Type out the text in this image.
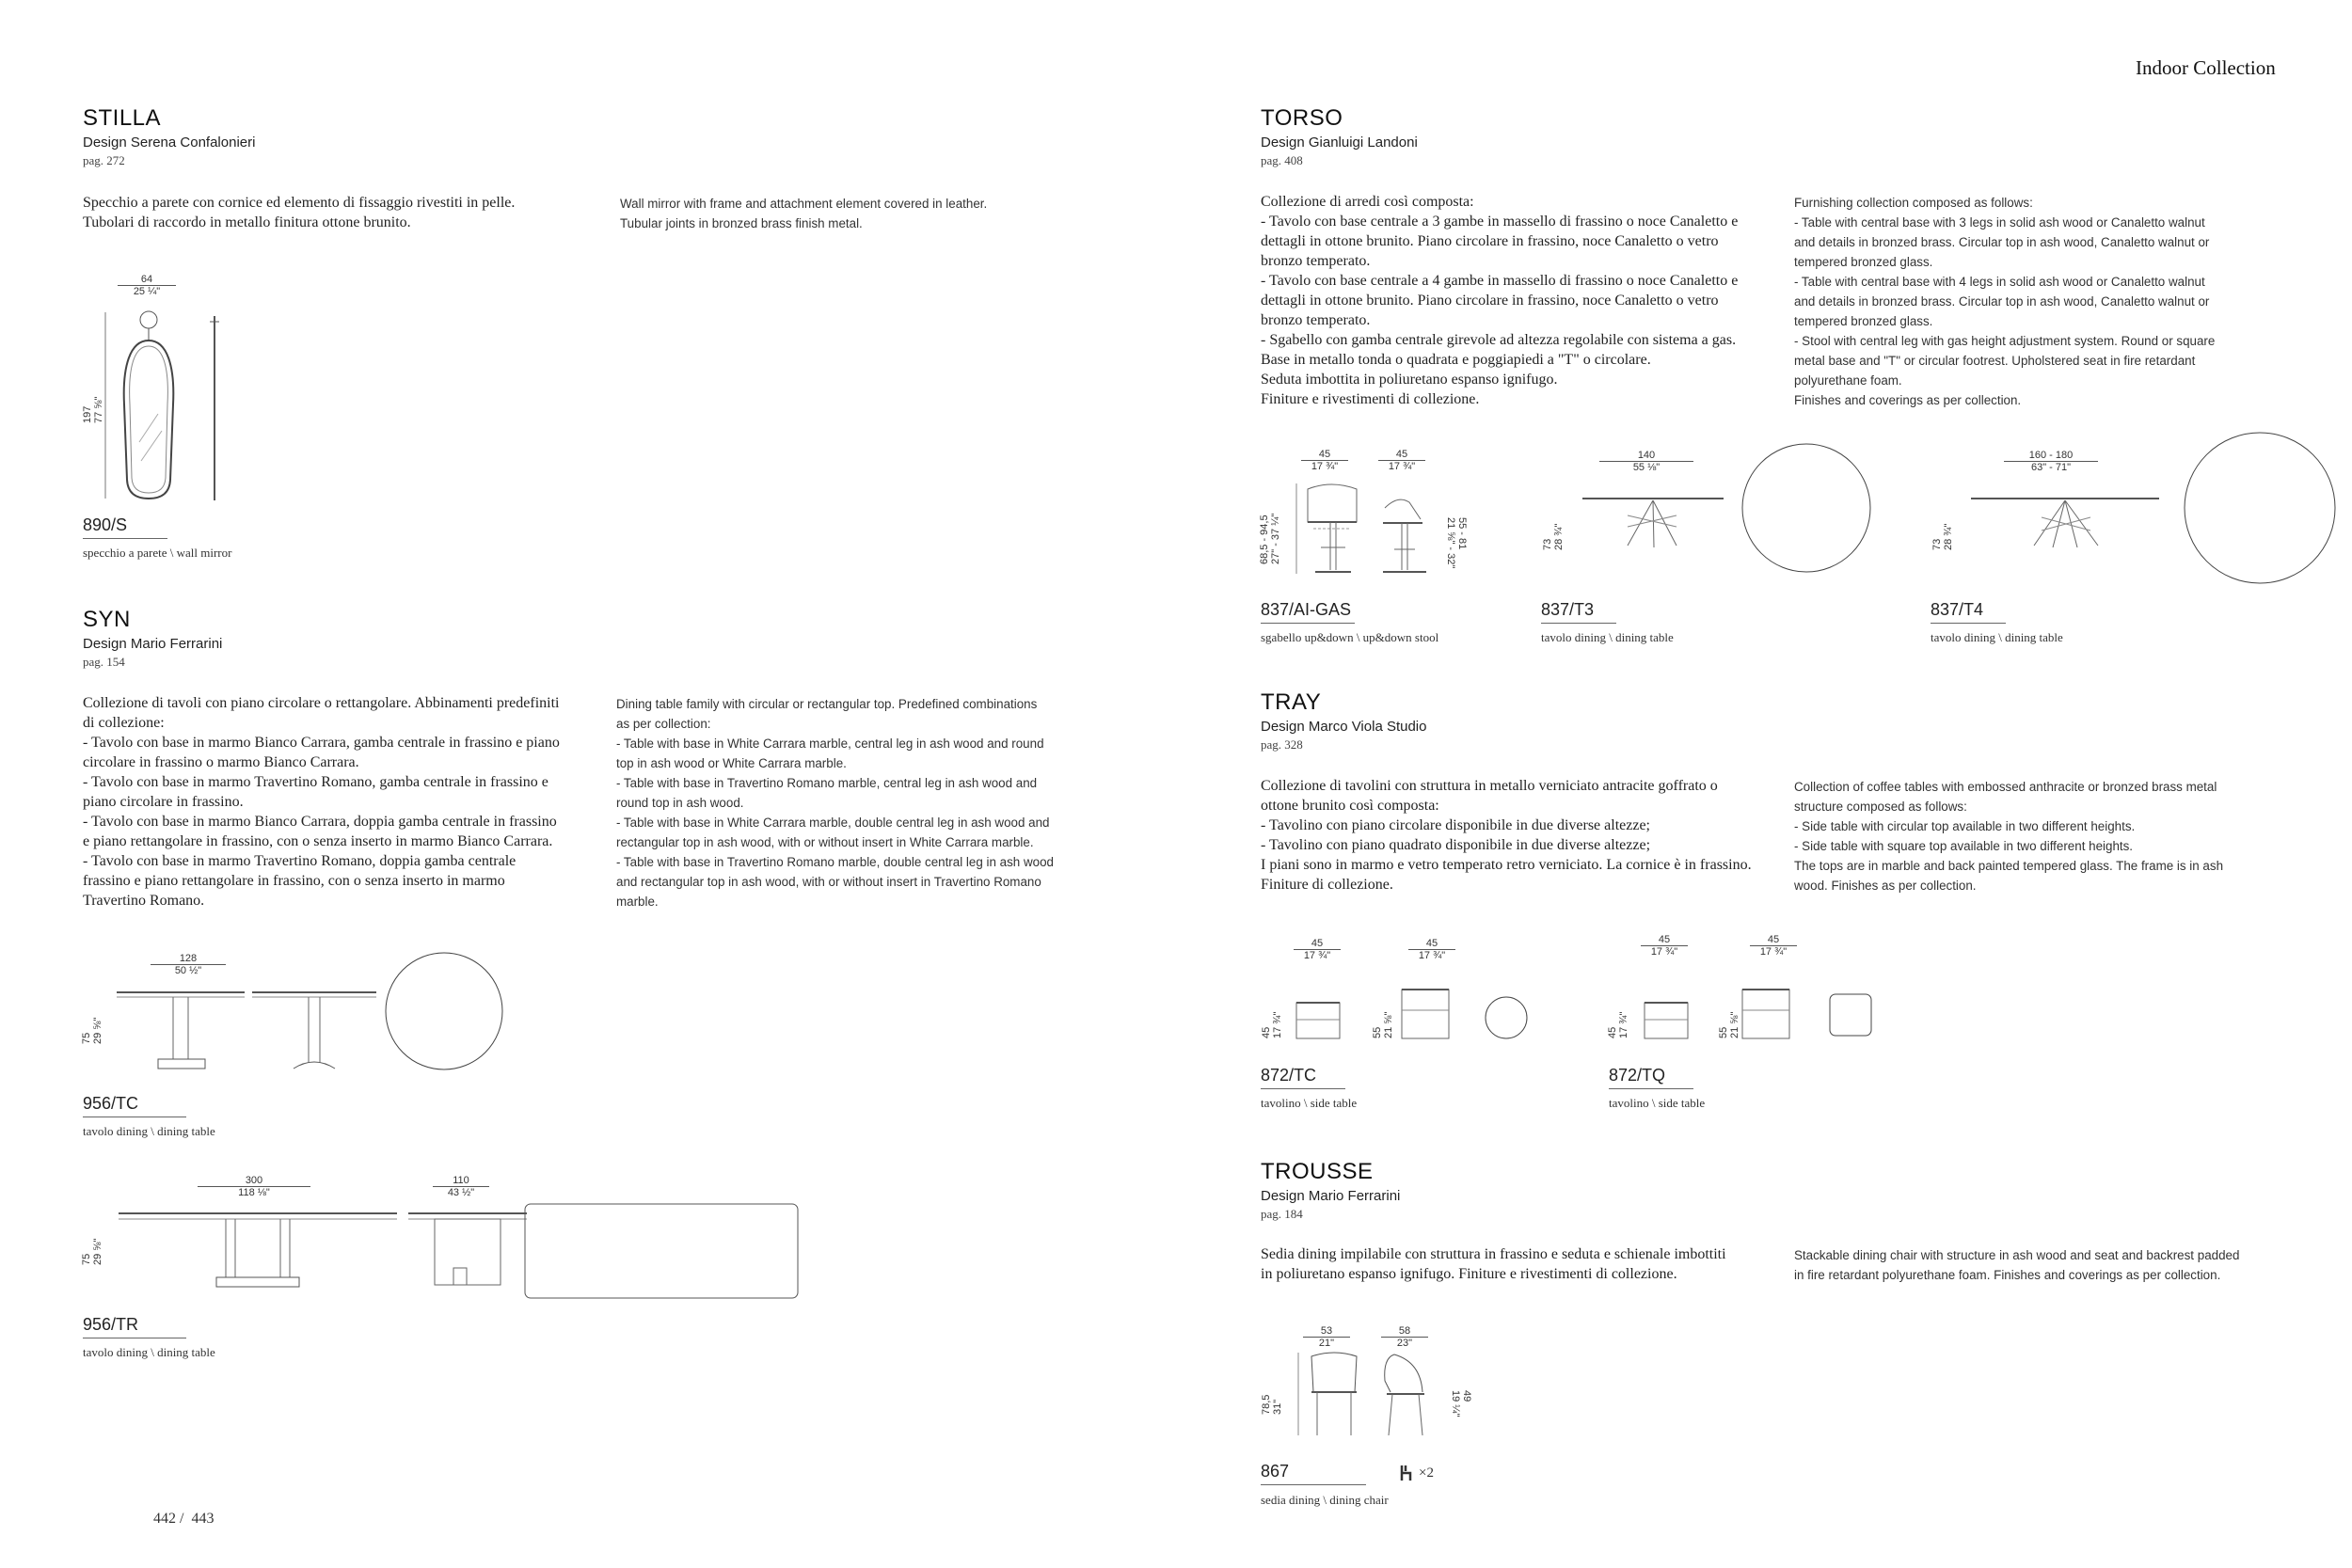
Indoor Collection
442 /  443
STILLA
Design Serena Confalonieri
pag. 272
Specchio a parete con cornice ed elemento di fissaggio rivestiti in pelle.
Tubolari di raccordo in metallo finitura ottone brunito.
Wall mirror with frame and attachment element covered in leather.
Tubular joints in bronzed brass finish metal.
64
25 ¼"
197
77 ⅝"
890/S
specchio a parete \ wall mirror
SYN
Design Mario Ferrarini
pag. 154
Collezione di tavoli con piano circolare o rettangolare. Abbinamenti predefiniti
di collezione:
- Tavolo con base in marmo Bianco Carrara, gamba centrale in frassino e piano
circolare in frassino o marmo Bianco Carrara.
- Tavolo con base in marmo Travertino Romano, gamba centrale in frassino e
piano circolare in frassino.
- Tavolo con base in marmo Bianco Carrara, doppia gamba centrale in frassino
e piano rettangolare in frassino, con o senza inserto in marmo Bianco Carrara.
- Tavolo con base in marmo Travertino Romano, doppia gamba centrale
frassino e piano rettangolare in frassino, con o senza inserto in marmo
Travertino Romano.
Dining table family with circular or rectangular top. Predefined combinations
as per collection:
- Table with base in White Carrara marble, central leg in ash wood and round
top in ash wood or White Carrara marble.
- Table with base in Travertino Romano marble, central leg in ash wood and
round top in ash wood.
- Table with base in White Carrara marble, double central leg in ash wood and
rectangular top in ash wood, with or without insert in White Carrara marble.
- Table with base in Travertino Romano marble, double central leg in ash wood
and rectangular top in ash wood, with or without insert in Travertino Romano
marble.
128
50 ½"
75
29 ⅝"
956/TC
tavolo dining \ dining table
300
118 ⅛"
110
43 ½"
75
29 ⅝"
956/TR
tavolo dining \ dining table
TORSO
Design Gianluigi Landoni
pag. 408
Collezione di arredi così composta:
- Tavolo con base centrale a 3 gambe in massello di frassino o noce Canaletto e
dettagli in ottone brunito. Piano circolare in frassino, noce Canaletto o vetro
bronzo temperato.
- Tavolo con base centrale a 4 gambe in massello di frassino o noce Canaletto e
dettagli in ottone brunito. Piano circolare in frassino, noce Canaletto o vetro
bronzo temperato.
- Sgabello con gamba centrale girevole ad altezza regolabile con sistema a gas.
Base in metallo tonda o quadrata e poggiapiedi a "T" o circolare.
Seduta imbottita in poliuretano espanso ignifugo.
Finiture e rivestimenti di collezione.
Furnishing collection composed as follows:
- Table with central base with 3 legs in solid ash wood or Canaletto walnut
and details in bronzed brass. Circular top in ash wood, Canaletto walnut or
tempered bronzed glass.
- Table with central base with 4 legs in solid ash wood or Canaletto walnut
and details in bronzed brass. Circular top in ash wood, Canaletto walnut or
tempered bronzed glass.
- Stool with central leg with gas height adjustment system. Round or square
metal base and "T" or circular footrest. Upholstered seat in fire retardant
polyurethane foam.
Finishes and coverings as per collection.
45
17 ¾"
45
17 ¾"
68,5 - 94,5
27" - 37 ¼"	55 - 81
21 ⅝" - 32"
837/AI-GAS
sgabello up&down \ up&down stool
140
55 ⅛"
73
28 ¾"
837/T3
tavolo dining \ dining table
160 - 180
63" - 71"
73
28 ¾"
837/T4
tavolo dining \ dining table
TRAY
Design Marco Viola Studio
pag. 328
Collezione di tavolini con struttura in metallo verniciato antracite goffrato o
ottone brunito così composta:
- Tavolino con piano circolare disponibile in due diverse altezze;
- Tavolino con piano quadrato disponibile in due diverse altezze;
I piani sono in marmo e vetro temperato retro verniciato. La cornice è in frassino.
Finiture di collezione.
Collection of coffee tables with embossed anthracite or bronzed brass metal
structure composed as follows:
- Side table with circular top available in two different heights.
- Side table with square top available in two different heights.
The tops are in marble and back painted tempered glass. The frame is in ash
wood. Finishes as per collection.
45
17 ¾"
45
17 ¾"
45
17 ¾"	55
21 ⅝"
872/TC
tavolino \ side table
45
17 ¾"
45
17 ¾"
45
17 ¾"	55
21 ⅝"
872/TQ
tavolino \ side table
TROUSSE
Design Mario Ferrarini
pag. 184
Sedia dining impilabile con struttura in frassino e seduta e schienale imbottiti
in poliuretano espanso ignifugo. Finiture e rivestimenti di collezione.
Stackable dining chair with structure in ash wood and seat and backrest padded
in fire retardant polyurethane foam. Finishes and coverings as per collection.
53
21"
58
23"
78,5
31"
49
19 ¼"
867	×2
sedia dining \ dining chair
